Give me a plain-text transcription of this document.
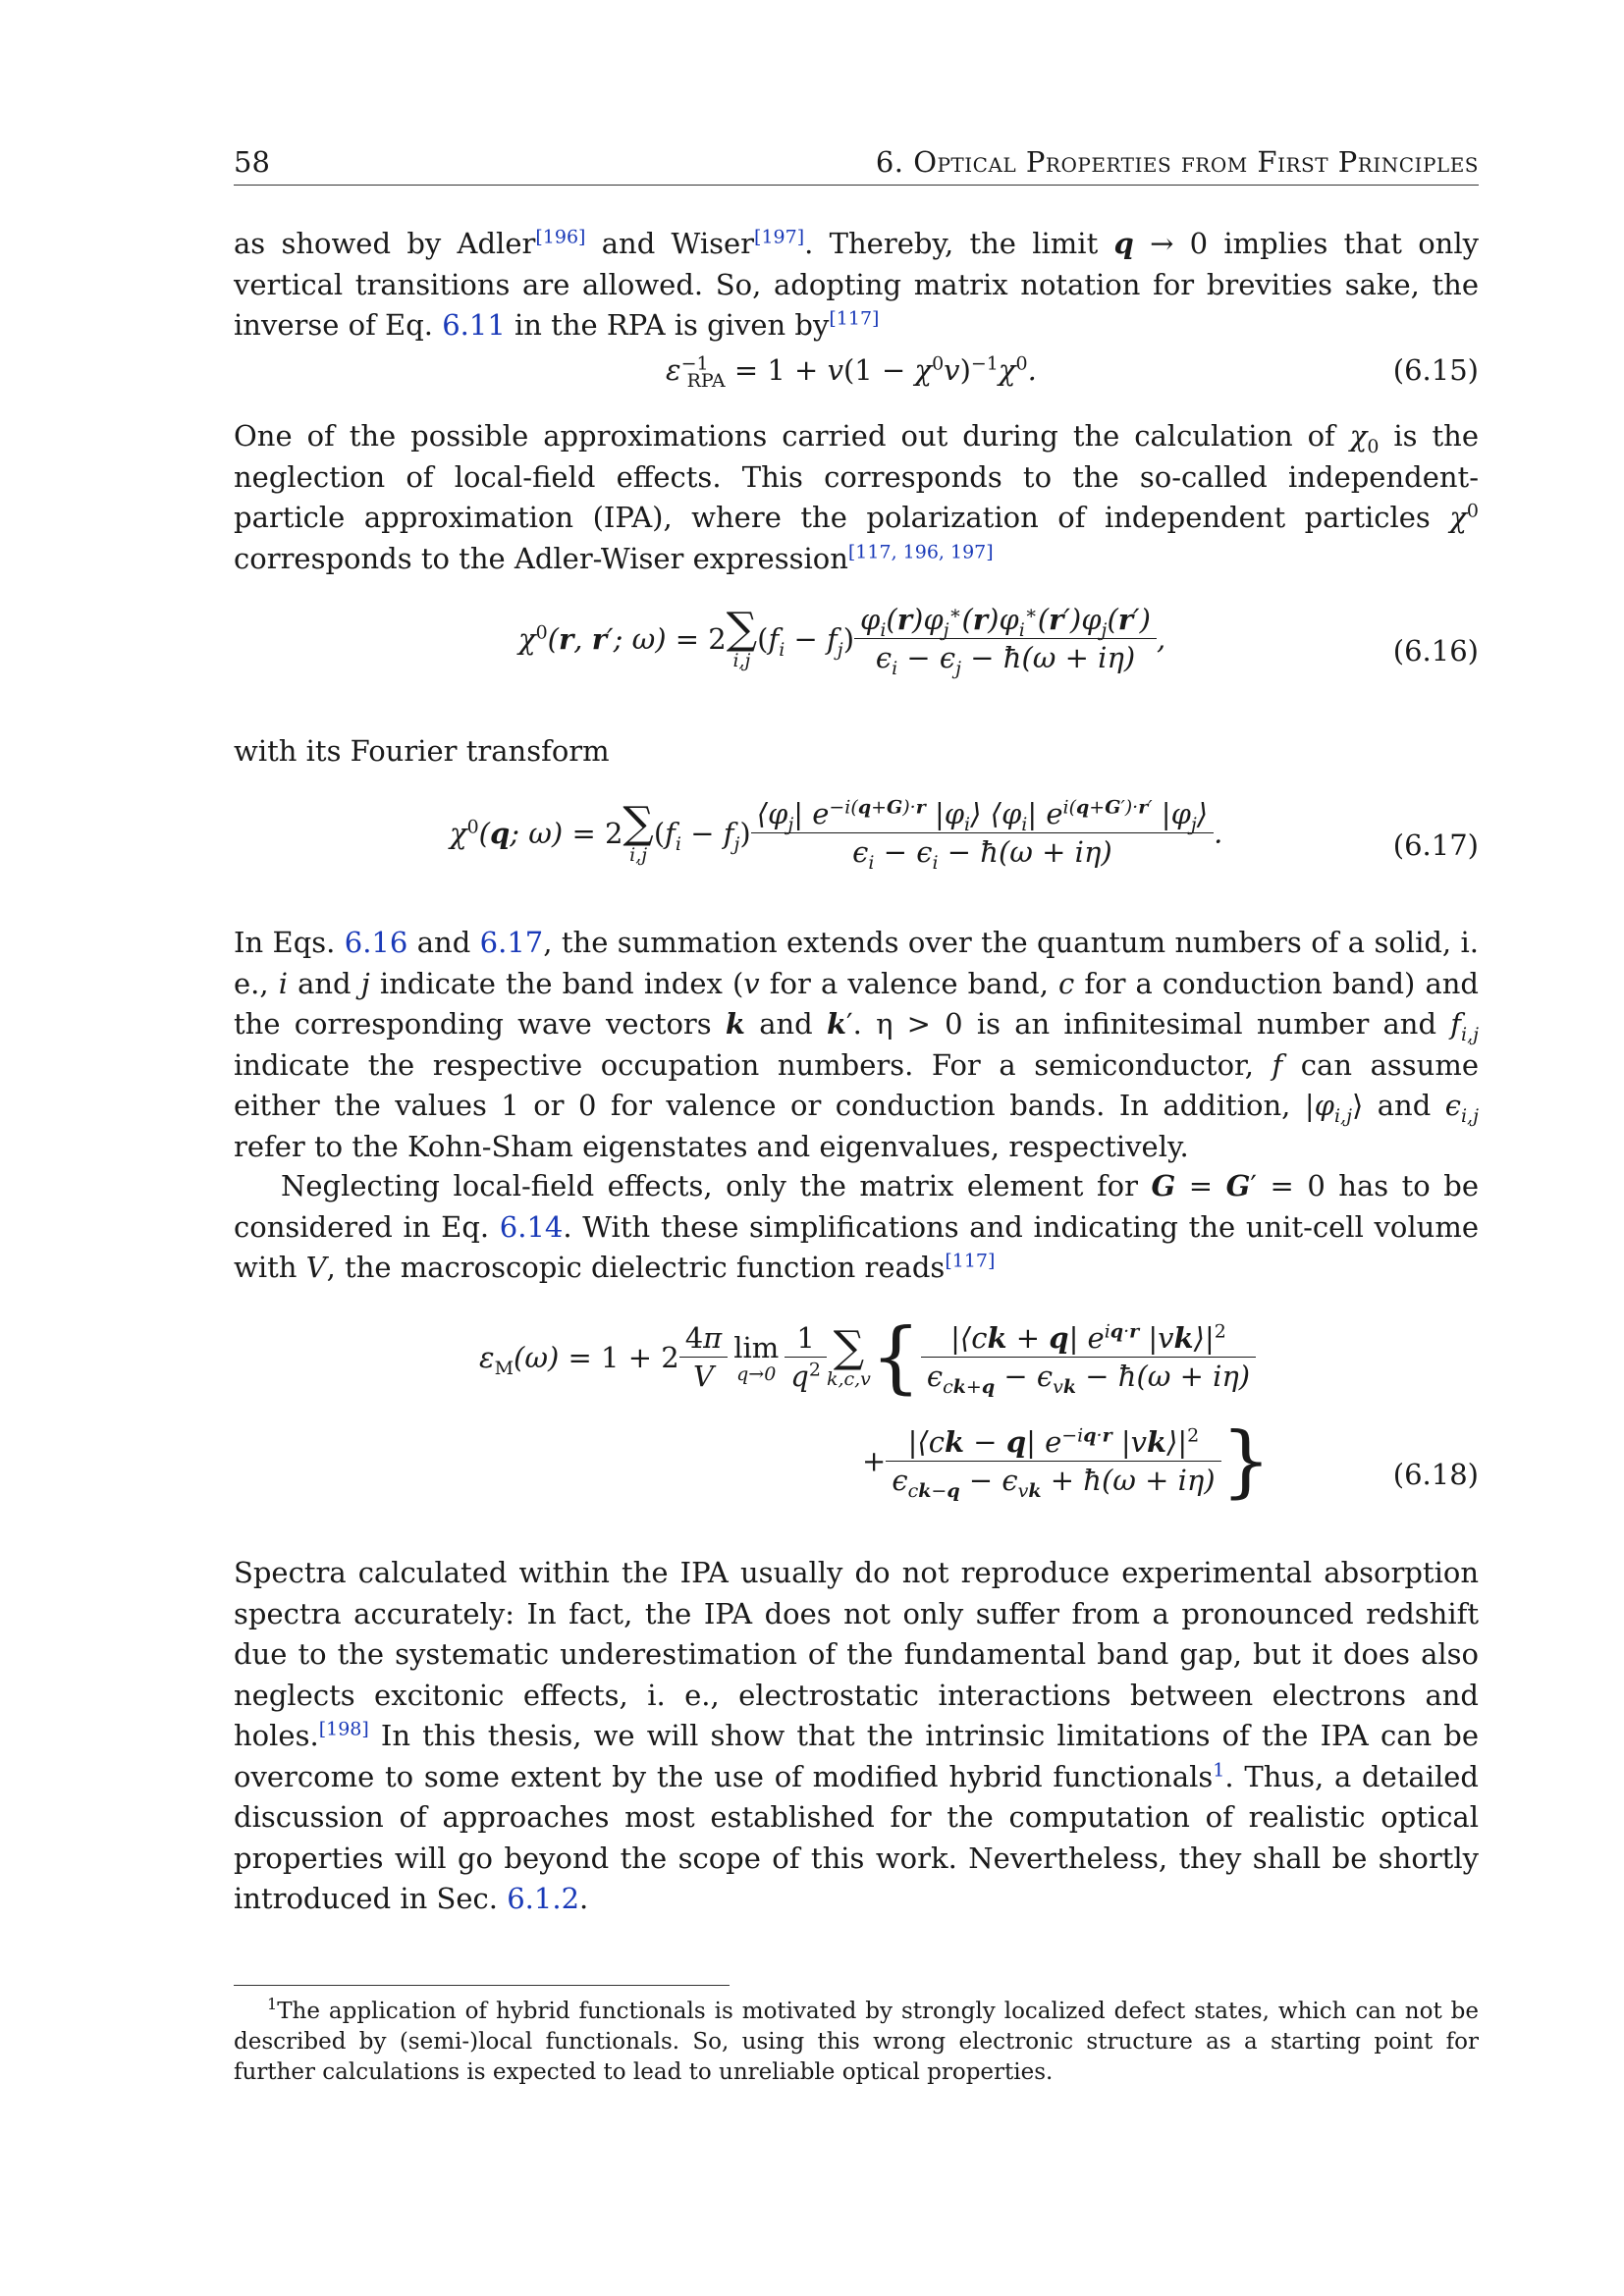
58	6. Optical Properties from First Principles

as showed by Adler[196] and Wiser[197]. Thereby, the limit q → 0 implies that only vertical transitions are allowed. So, adopting matrix notation for brevities sake, the inverse of Eq. 6.11 in the RPA is given by[117]

$\varepsilon^{-1}_{RPA} = 1 + v(1 - \chi^0v)^{-1}\chi^0$.	(6.15)

One of the possible approximations carried out during the calculation of $\chi_0$ is the neglection of local-field effects. This corresponds to the so-called independent-particle approximation (IPA), where the polarization of independent particles $\chi^0$ corresponds to the Adler-Wiser expression[117, 196, 197]

$\chi^0(r$, r′; ω) = 2 ∑
i,j
$(f_i - f_j) \frac{\varphi_i(r)\varphi_j^∗(r)\varphi_i^∗(r')\varphi_j(r')}{\epsilon_i - \epsilon_j - ħ(\omega + i\eta)}$ ,	(6.16)

with its Fourier transform

$\chi^0(q$; ω) = 2 ∑
i,j
$(f_i - f_j) \frac{⟨\varphi_j| e^{-i(q+G)\cdot r} |\varphi_i⟩ ⟨\varphi_i| e^{i(q+G')\cdot r'} |\varphi_j⟩}{\epsilon_i - \epsilon_i - ħ(\omega + i\eta)}$ .	(6.17)

In Eqs. 6.16 and 6.17, the summation extends over the quantum numbers of a solid, i. e., i and j indicate the band index (v for a valence band, c for a conduction band) and the corresponding wave vectors k and k′. η > 0 is an infinitesimal number and $f_{i,j}$ indicate the respective occupation numbers. For a semiconductor, f can assume either the values 1 or 0 for valence or conduction bands. In addition, $|\varphi_{i,j}⟩$ and $\epsilon_{i,j}$ refer to the Kohn-Sham eigenstates and eigenvalues, respectively.

Neglecting local-field effects, only the matrix element for G = G′ = 0 has to be considered in Eq. 6.14. With these simplifications and indicating the unit-cell volume with V, the macroscopic dielectric function reads[117]

$\varepsilon_M(\omega) = 1 + 2 \frac{4\pi}{V}$ lim
$q\to 0 \frac{1}{q^2}$ ∑
k,c,v { $\frac{|⟨ck + q| e^{iq\cdot r} |vk⟩|^2}{\epsilon_{ck+q} - \epsilon_{vk} - ħ(\omega + i\eta)}$
+ $\frac{|⟨ck - q| e^{-iq\cdot r} |vk⟩|^2}{\epsilon_{ck-q} - \epsilon_{vk} + ħ(\omega + i\eta)}$ }	(6.18)

Spectra calculated within the IPA usually do not reproduce experimental absorption spectra accurately: In fact, the IPA does not only suffer from a pronounced redshift due to the systematic underestimation of the fundamental band gap, but it does also neglects excitonic effects, i. e., electrostatic interactions between electrons and holes.[198] In this thesis, we will show that the intrinsic limitations of the IPA can be overcome to some extent by the use of modified hybrid functionals$^1$. Thus, a detailed discussion of approaches most established for the computation of realistic optical properties will go beyond the scope of this work. Nevertheless, they shall be shortly introduced in Sec. 6.1.2.

$^1$The application of hybrid functionals is motivated by strongly localized defect states, which can not be described by (semi-)local functionals. So, using this wrong electronic structure as a starting point for further calculations is expected to lead to unreliable optical properties.
